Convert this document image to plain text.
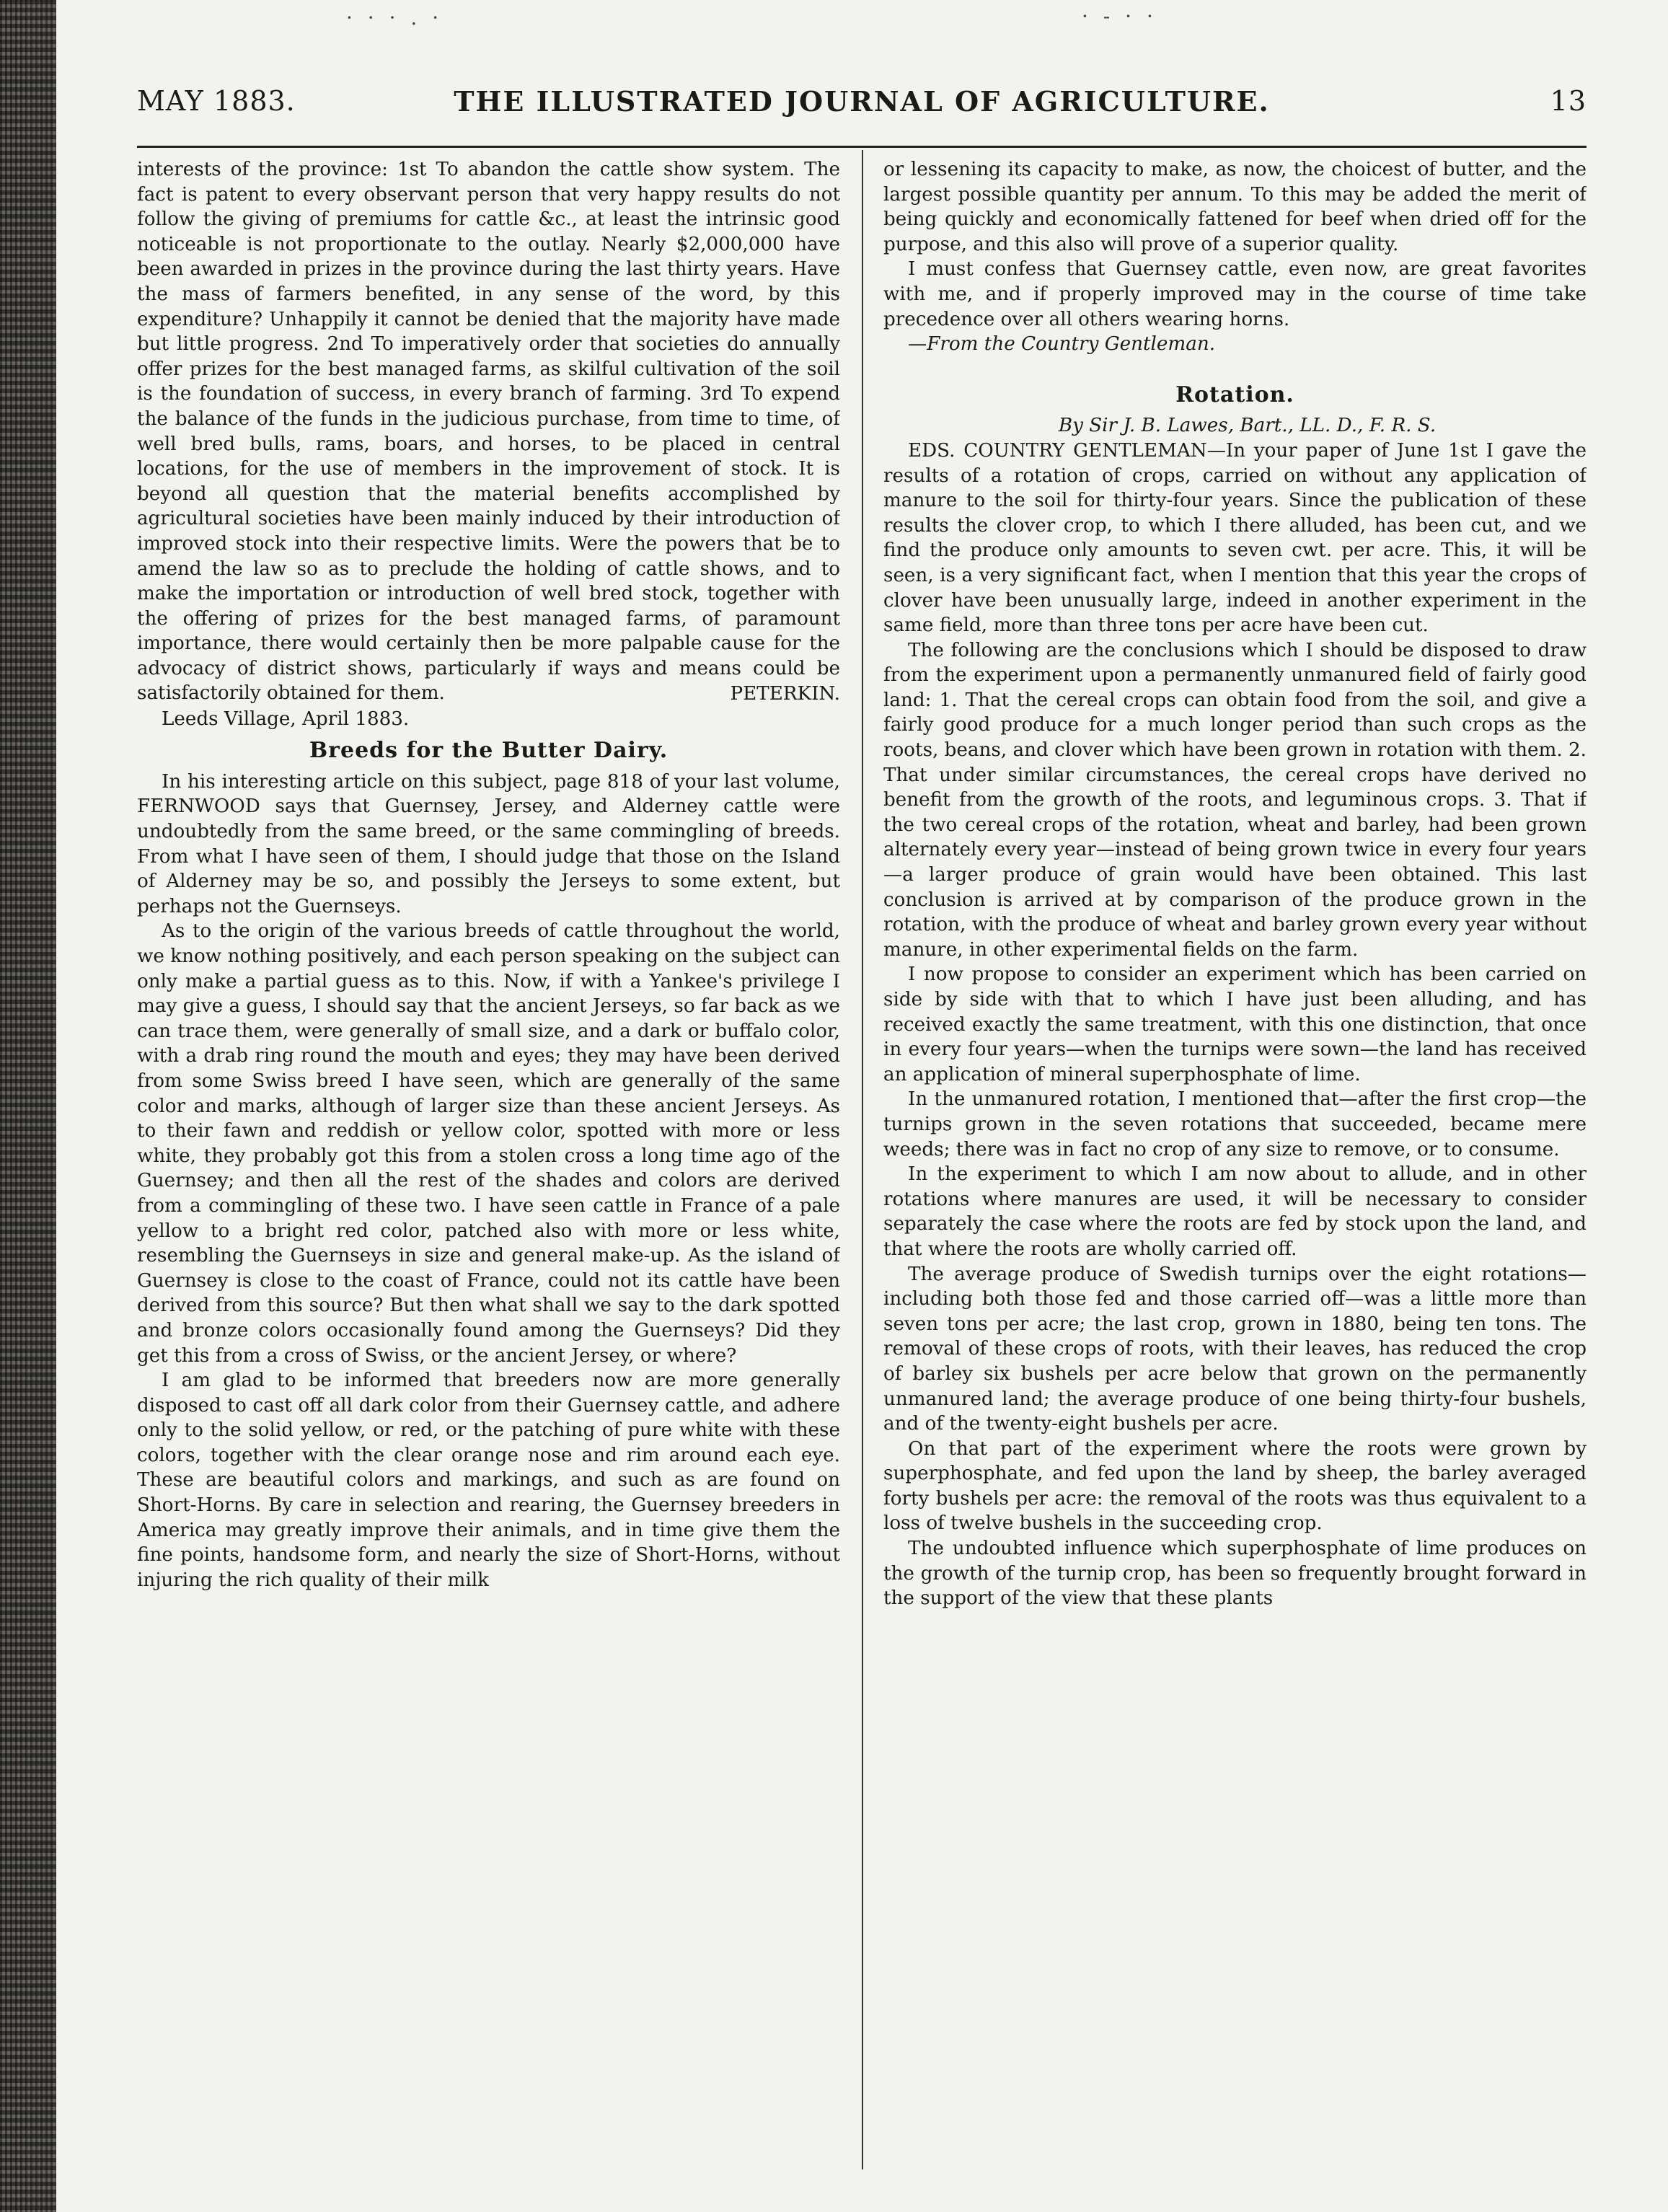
· · · . ·	· ‐ · ·
MAY 1883.	THE ILLUSTRATED JOURNAL OF AGRICULTURE.	13

interests of the province: 1st To abandon the cattle show system. The fact is patent to every observant person that very happy results do not follow the giving of premiums for cattle &c., at least the intrinsic good noticeable is not proportionate to the outlay. Nearly $2,000,000 have been awarded in prizes in the province during the last thirty years. Have the mass of farmers benefited, in any sense of the word, by this expenditure? Unhappily it cannot be denied that the majority have made but little progress. 2nd To imperatively order that societies do annually offer prizes for the best managed farms, as skilful cultivation of the soil is the foundation of success, in every branch of farming. 3rd To expend the balance of the funds in the judicious purchase, from time to time, of well bred bulls, rams, boars, and horses, to be placed in central locations, for the use of members in the improvement of stock. It is beyond all question that the material benefits accomplished by agricultural societies have been mainly induced by their introduction of improved stock into their respective limits. Were the powers that be to amend the law so as to preclude the holding of cattle shows, and to make the importation or introduction of well bred stock, together with the offering of prizes for the best managed farms, of paramount importance, there would certainly then be more palpable cause for the advocacy of district shows, particularly if ways and means could be satisfactorily obtained for them.	PETERKIN.

Leeds Village, April 1883.

Breeds for the Butter Dairy.

In his interesting article on this subject, page 818 of your last volume, FERNWOOD says that Guernsey, Jersey, and Alderney cattle were undoubtedly from the same breed, or the same commingling of breeds. From what I have seen of them, I should judge that those on the Island of Alderney may be so, and possibly the Jerseys to some extent, but perhaps not the Guernseys.

As to the origin of the various breeds of cattle throughout the world, we know nothing positively, and each person speaking on the subject can only make a partial guess as to this. Now, if with a Yankee's privilege I may give a guess, I should say that the ancient Jerseys, so far back as we can trace them, were generally of small size, and a dark or buffalo color, with a drab ring round the mouth and eyes; they may have been derived from some Swiss breed I have seen, which are generally of the same color and marks, although of larger size than these ancient Jerseys. As to their fawn and reddish or yellow color, spotted with more or less white, they probably got this from a stolen cross a long time ago of the Guernsey; and then all the rest of the shades and colors are derived from a commingling of these two. I have seen cattle in France of a pale yellow to a bright red color, patched also with more or less white, resembling the Guernseys in size and general make-up. As the island of Guernsey is close to the coast of France, could not its cattle have been derived from this source? But then what shall we say to the dark spotted and bronze colors occasionally found among the Guernseys? Did they get this from a cross of Swiss, or the ancient Jersey, or where?

I am glad to be informed that breeders now are more generally disposed to cast off all dark color from their Guernsey cattle, and adhere only to the solid yellow, or red, or the patching of pure white with these colors, together with the clear orange nose and rim around each eye. These are beautiful colors and markings, and such as are found on Short-Horns. By care in selection and rearing, the Guernsey breeders in America may greatly improve their animals, and in time give them the fine points, handsome form, and nearly the size of Short-Horns, without injuring the rich quality of their milk

or lessening its capacity to make, as now, the choicest of butter, and the largest possible quantity per annum. To this may be added the merit of being quickly and economically fattened for beef when dried off for the purpose, and this also will prove of a superior quality.

I must confess that Guernsey cattle, even now, are great favorites with me, and if properly improved may in the course of time take precedence over all others wearing horns.

—From the Country Gentleman.

Rotation.

By Sir J. B. Lawes, Bart., LL. D., F. R. S.

EDS. COUNTRY GENTLEMAN—In your paper of June 1st I gave the results of a rotation of crops, carried on without any application of manure to the soil for thirty-four years. Since the publication of these results the clover crop, to which I there alluded, has been cut, and we find the produce only amounts to seven cwt. per acre. This, it will be seen, is a very significant fact, when I mention that this year the crops of clover have been unusually large, indeed in another experiment in the same field, more than three tons per acre have been cut.

The following are the conclusions which I should be disposed to draw from the experiment upon a permanently unmanured field of fairly good land: 1. That the cereal crops can obtain food from the soil, and give a fairly good produce for a much longer period than such crops as the roots, beans, and clover which have been grown in rotation with them. 2. That under similar circumstances, the cereal crops have derived no benefit from the growth of the roots, and leguminous crops. 3. That if the two cereal crops of the rotation, wheat and barley, had been grown alternately every year—instead of being grown twice in every four years—a larger produce of grain would have been obtained. This last conclusion is arrived at by comparison of the produce grown in the rotation, with the produce of wheat and barley grown every year without manure, in other experimental fields on the farm.

I now propose to consider an experiment which has been carried on side by side with that to which I have just been alluding, and has received exactly the same treatment, with this one distinction, that once in every four years—when the turnips were sown—the land has received an application of mineral superphosphate of lime.

In the unmanured rotation, I mentioned that—after the first crop—the turnips grown in the seven rotations that succeeded, became mere weeds; there was in fact no crop of any size to remove, or to consume.

In the experiment to which I am now about to allude, and in other rotations where manures are used, it will be necessary to consider separately the case where the roots are fed by stock upon the land, and that where the roots are wholly carried off.

The average produce of Swedish turnips over the eight rotations—including both those fed and those carried off—was a little more than seven tons per acre; the last crop, grown in 1880, being ten tons. The removal of these crops of roots, with their leaves, has reduced the crop of barley six bushels per acre below that grown on the permanently unmanured land; the average produce of one being thirty-four bushels, and of the twenty-eight bushels per acre.

On that part of the experiment where the roots were grown by superphosphate, and fed upon the land by sheep, the barley averaged forty bushels per acre: the removal of the roots was thus equivalent to a loss of twelve bushels in the succeeding crop.

The undoubted influence which superphosphate of lime produces on the growth of the turnip crop, has been so frequently brought forward in the support of the view that these plants
